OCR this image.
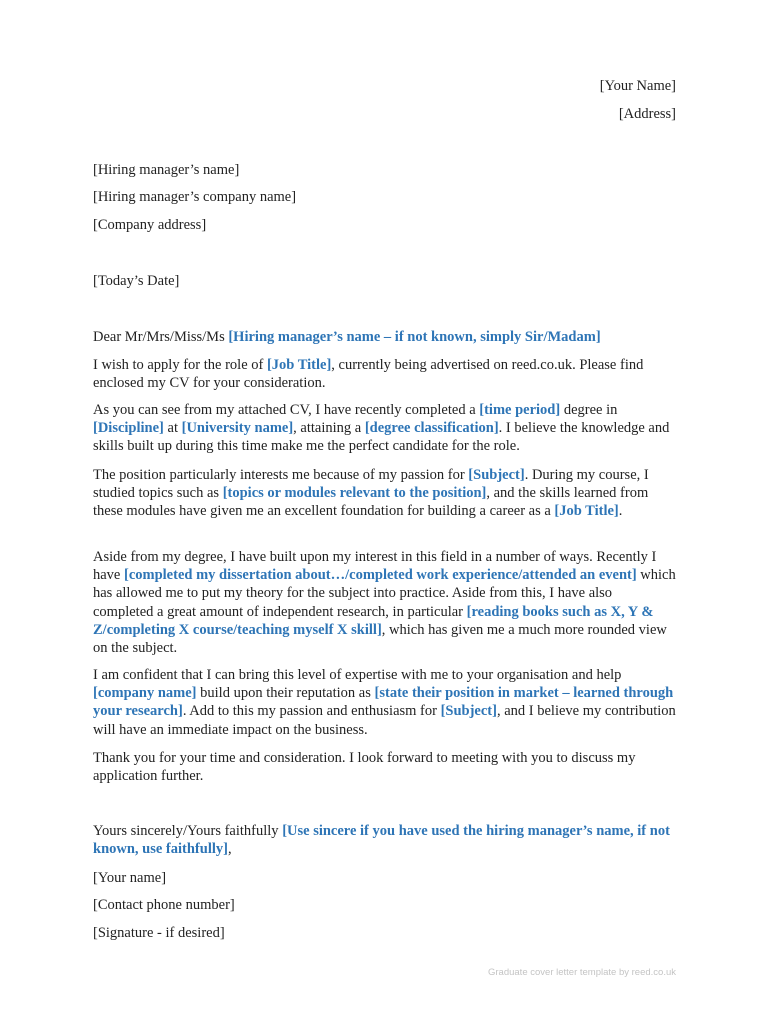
[Your Name]
[Address]
[Hiring manager’s name]
[Hiring manager’s company name]
[Company address]
[Today’s Date]
Dear Mr/Mrs/Miss/Ms [Hiring manager’s name – if not known, simply Sir/Madam]
I wish to apply for the role of [Job Title], currently being advertised on reed.co.uk. Please find enclosed my CV for your consideration.
As you can see from my attached CV, I have recently completed a [time period] degree in [Discipline] at [University name], attaining a [degree classification]. I believe the knowledge and skills built up during this time make me the perfect candidate for the role.
The position particularly interests me because of my passion for [Subject]. During my course, I studied topics such as [topics or modules relevant to the position], and the skills learned from these modules have given me an excellent foundation for building a career as a [Job Title].
Aside from my degree, I have built upon my interest in this field in a number of ways. Recently I have [completed my dissertation about…/completed work experience/attended an event] which has allowed me to put my theory for the subject into practice. Aside from this, I have also completed a great amount of independent research, in particular [reading books such as X, Y & Z/completing X course/teaching myself X skill], which has given me a much more rounded view on the subject.
I am confident that I can bring this level of expertise with me to your organisation and help [company name] build upon their reputation as [state their position in market – learned through your research]. Add to this my passion and enthusiasm for [Subject], and I believe my contribution will have an immediate impact on the business.
Thank you for your time and consideration. I look forward to meeting with you to discuss my application further.
Yours sincerely/Yours faithfully [Use sincere if you have used the hiring manager’s name, if not known, use faithfully],
[Your name]
[Contact phone number]
[Signature - if desired]
Graduate cover letter template by reed.co.uk
